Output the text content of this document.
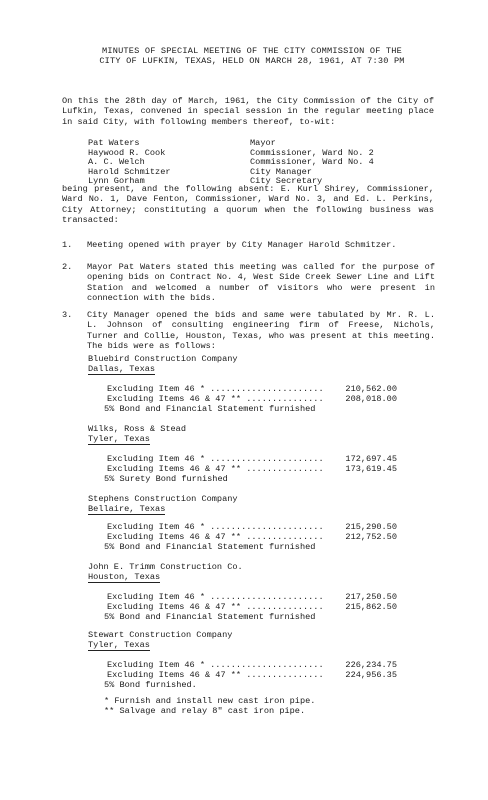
MINUTES OF SPECIAL MEETING OF THE CITY COMMISSION OF THE
CITY OF LUFKIN, TEXAS, HELD ON MARCH 28, 1961, AT 7:30 PM
On this the 28th day of March, 1961, the City Commission of the City of Lufkin, Texas, convened in special session in the regular meeting place in said City, with following members thereof, to-wit:
Pat Waters	Mayor
Haywood R. Cook	Commissioner, Ward No. 2
A. C. Welch	Commissioner, Ward No. 4
Harold Schmitzer	City Manager
Lynn Gorham	City Secretary
being present, and the following absent: E. Kurl Shirey, Commissioner, Ward No. 1, Dave Fenton, Commissioner, Ward No. 3, and Ed. L. Perkins, City Attorney; constituting a quorum when the following business was transacted:
1.	Meeting opened with prayer by City Manager Harold Schmitzer.
2.	Mayor Pat Waters stated this meeting was called for the purpose of opening bids on Contract No. 4, West Side Creek Sewer Line and Lift Station and welcomed a number of visitors who were present in connection with the bids.
3.	City Manager opened the bids and same were tabulated by Mr. R. L. L. Johnson of consulting engineering firm of Freese, Nichols, Turner and Collie, Houston, Texas, who was present at this meeting. The bids were as follows:
Bluebird Construction Company
Dallas, Texas
Excluding Item 46 * ......................	210,562.00
Excluding Items 46 & 47 ** ...............	208,018.00
5% Bond and Financial Statement furnished
Wilks, Ross & Stead
Tyler, Texas
Excluding Item 46 * ......................	172,697.45
Excluding Items 46 & 47 ** ...............	173,619.45
5% Surety Bond furnished
Stephens Construction Company
Bellaire, Texas
Excluding Item 46 * ......................	215,290.50
Excluding Items 46 & 47 ** ...............	212,752.50
5% Bond and Financial Statement furnished
John E. Trimm Construction Co.
Houston, Texas
Excluding Item 46 * ......................	217,250.50
Excluding Items 46 & 47 ** ...............	215,862.50
5% Bond and Financial Statement furnished
Stewart Construction Company
Tyler, Texas
Excluding Item 46 * ......................	226,234.75
Excluding Items 46 & 47 ** ...............	224,956.35
5% Bond furnished.
* Furnish and install new cast iron pipe.
** Salvage and relay 8" cast iron pipe.
